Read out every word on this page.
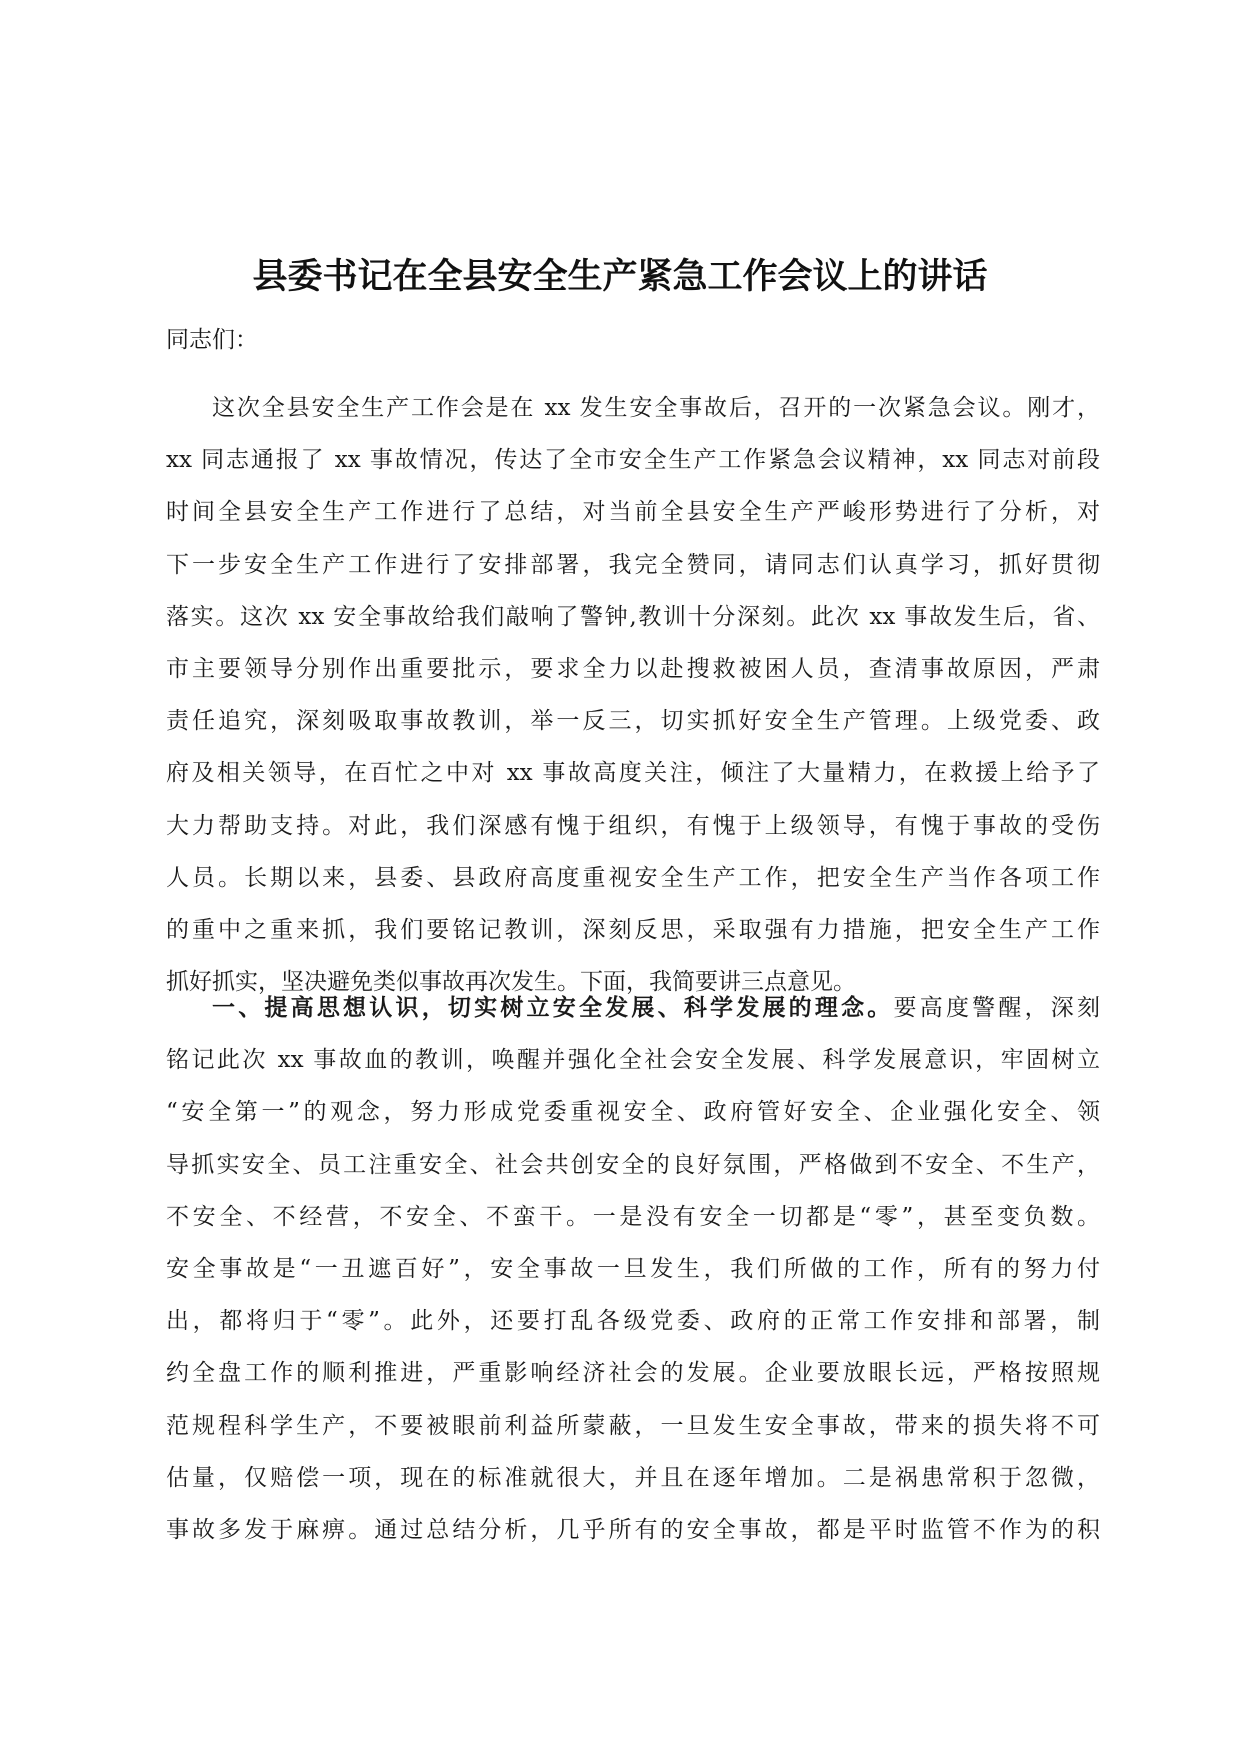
县委书记在全县安全生产紧急工作会议上的讲话

同志们：

这次全县安全生产工作会是在 xx 发生安全事故后，召开的一次紧急会议。刚才，
xx 同志通报了 xx 事故情况，传达了全市安全生产工作紧急会议精神，xx 同志对前段
时间全县安全生产工作进行了总结，对当前全县安全生产严峻形势进行了分析，对
下一步安全生产工作进行了安排部署，我完全赞同，请同志们认真学习，抓好贯彻
落实。这次 xx 安全事故给我们敲响了警钟,教训十分深刻。此次 xx 事故发生后，省、
市主要领导分别作出重要批示，要求全力以赴搜救被困人员，查清事故原因，严肃
责任追究，深刻吸取事故教训，举一反三，切实抓好安全生产管理。上级党委、政
府及相关领导，在百忙之中对 xx 事故高度关注，倾注了大量精力，在救援上给予了
大力帮助支持。对此，我们深感有愧于组织，有愧于上级领导，有愧于事故的受伤
人员。长期以来，县委、县政府高度重视安全生产工作，把安全生产当作各项工作
的重中之重来抓，我们要铭记教训，深刻反思，采取强有力措施，把安全生产工作
抓好抓实，坚决避免类似事故再次发生。下面，我简要讲三点意见。
一、提高思想认识，切实树立安全发展、科学发展的理念。要高度警醒，深刻
铭记此次 xx 事故血的教训，唤醒并强化全社会安全发展、科学发展意识，牢固树立
“安全第一”的观念，努力形成党委重视安全、政府管好安全、企业强化安全、领
导抓实安全、员工注重安全、社会共创安全的良好氛围，严格做到不安全、不生产，
不安全、不经营，不安全、不蛮干。一是没有安全一切都是“零”，甚至变负数。
安全事故是“一丑遮百好”，安全事故一旦发生，我们所做的工作，所有的努力付
出，都将归于“零”。此外，还要打乱各级党委、政府的正常工作安排和部署，制
约全盘工作的顺利推进，严重影响经济社会的发展。企业要放眼长远，严格按照规
范规程科学生产，不要被眼前利益所蒙蔽，一旦发生安全事故，带来的损失将不可
估量，仅赔偿一项，现在的标准就很大，并且在逐年增加。二是祸患常积于忽微，
事故多发于麻痹。通过总结分析，几乎所有的安全事故，都是平时监管不作为的积
